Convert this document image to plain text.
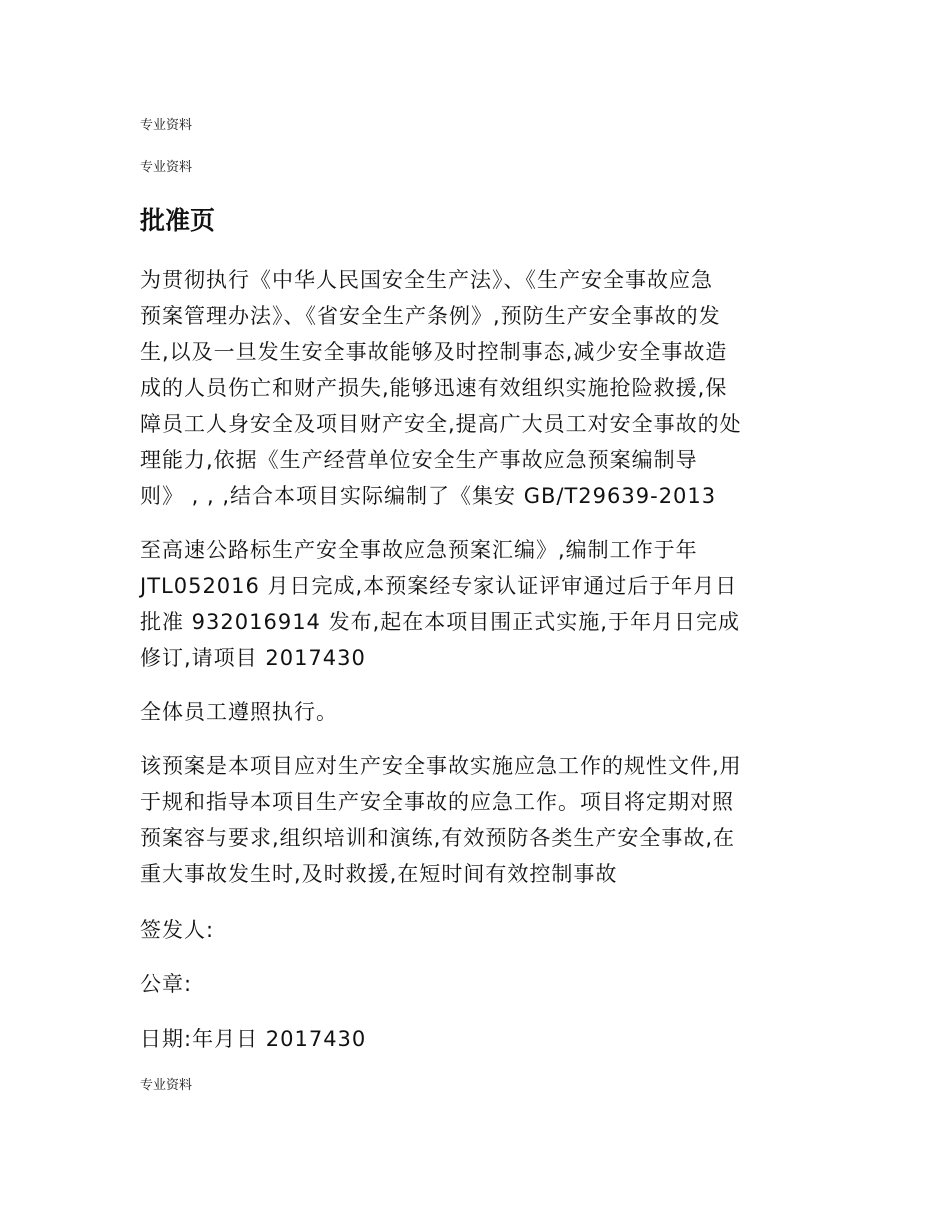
专业资料
专业资料
批准页
为贯彻执行《中华人民国安全生产法》、《生产安全事故应急
预案管理办法》、《省安全生产条例》,预防生产安全事故的发
生,以及一旦发生安全事故能够及时控制事态,减少安全事故造
成的人员伤亡和财产损失,能够迅速有效组织实施抢险救援,保
障员工人身安全及项目财产安全,提高广大员工对安全事故的处
理能力,依据《生产经营单位安全生产事故应急预案编制导
则》 , , ,结合本项目实际编制了《集安 GB/T29639-2013
至高速公路标生产安全事故应急预案汇编》,编制工作于年
JTL052016 月日完成,本预案经专家认证评审通过后于年月日
批准 932016914 发布,起在本项目围正式实施,于年月日完成
修订,请项目 2017430
全体员工遵照执行。
该预案是本项目应对生产安全事故实施应急工作的规性文件,用
于规和指导本项目生产安全事故的应急工作。项目将定期对照
预案容与要求,组织培训和演练,有效预防各类生产安全事故,在
重大事故发生时,及时救援,在短时间有效控制事故
签发人:
公章:
日期:年月日 2017430
专业资料
